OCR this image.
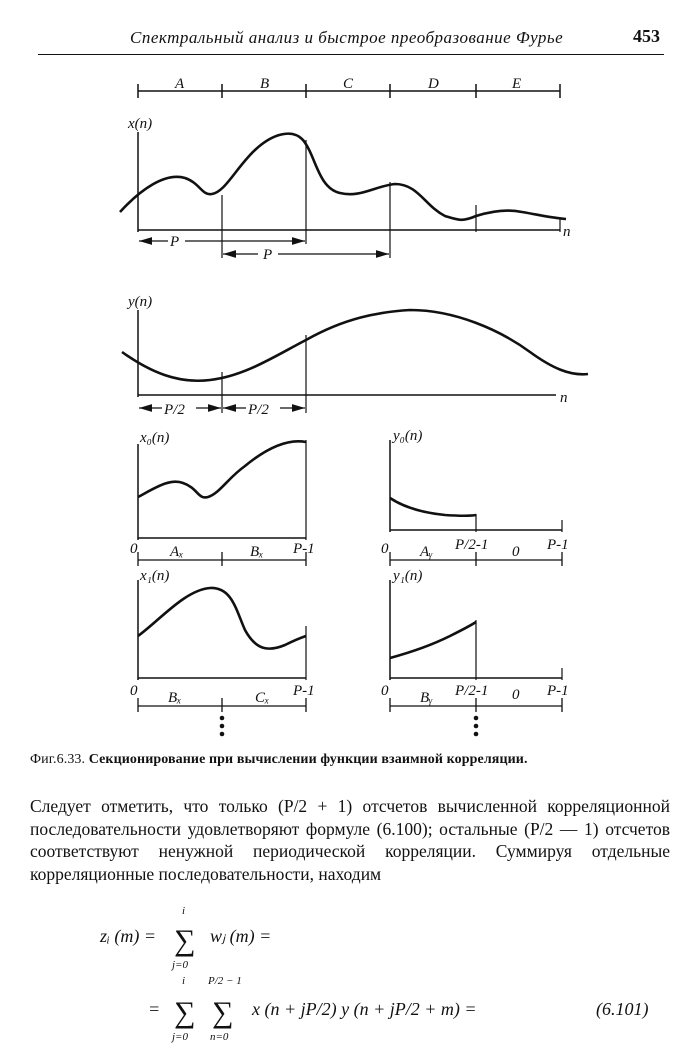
Спектральный анализ и быстрое преобразование Фурье	453
A	B	C	D	E
x(n)
n
P
P
y(n)
n
P/2	P/2
x₀(n)
0 Aₓ	Bₓ P-1
y₀(n)
0 Aᵧ P/2-1 0 P-1
x₁(n)
0 Bₓ	Cₓ P-1
y₁(n)
0 Bᵧ P/2-1 0 P-1
Фиг.6.33. Секционирование при вычислении функции взаимной корреляции.

Следует отметить, что только (P/2 + 1) отсчетов вычисленной корреляционной последовательности удовлетворяют формуле (6.100); остальные (P/2 — 1) отсчетов соответствуют ненужной периодической корреляции. Суммируя отдельные корреляционные последовательности, находим

zᵢ (m) =
i
∑
j=0
wⱼ (m) =
=
i
∑
j=0
P/2 − 1
∑
n=0
x (n + jP/2) y (n + jP/2 + m) =	(6.101)
